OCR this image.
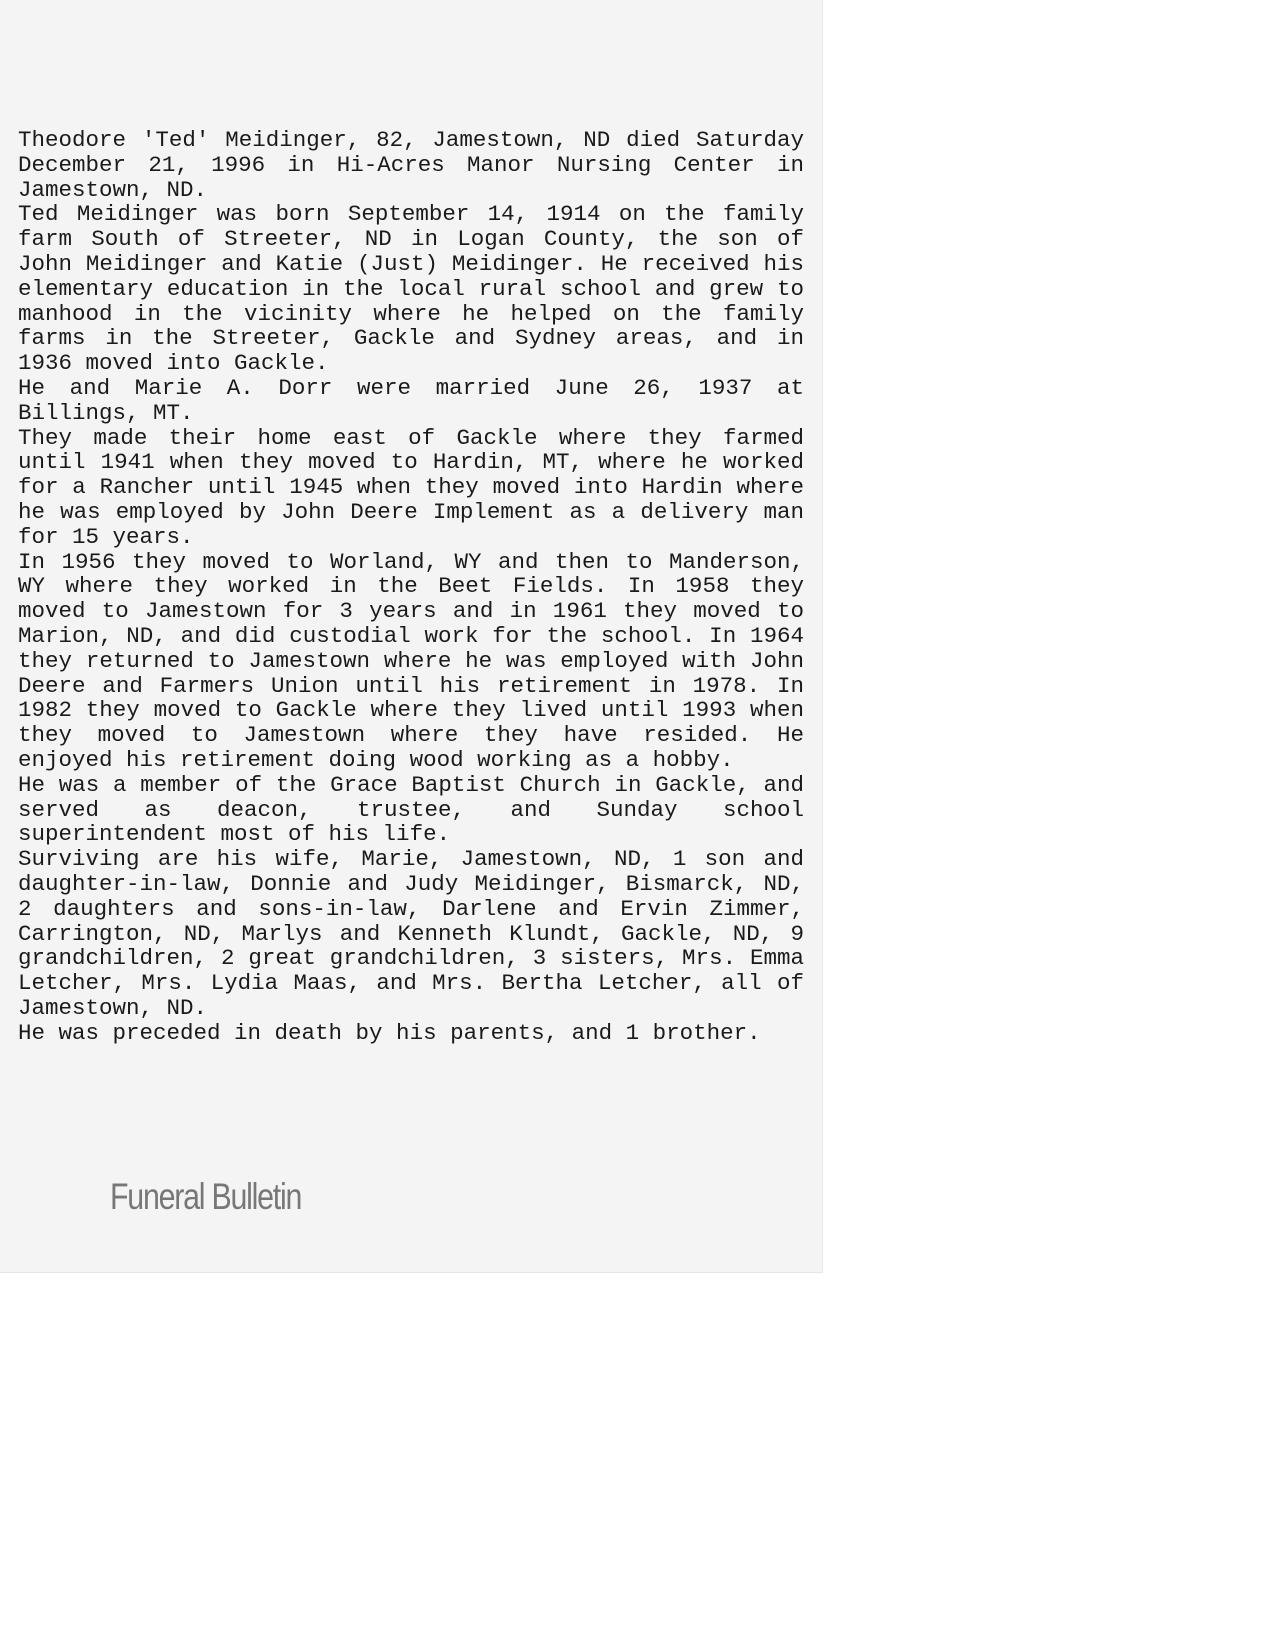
Theodore 'Ted' Meidinger, 82, Jamestown, ND died Saturday December 21, 1996 in Hi-Acres Manor Nursing Center in Jamestown, ND.

Ted Meidinger was born September 14, 1914 on the family farm South of Streeter, ND in Logan County, the son of John Meidinger and Katie (Just) Meidinger. He received his elementary education in the local rural school and grew to manhood in the vicinity where he helped on the family farms in the Streeter, Gackle and Sydney areas, and in 1936 moved into Gackle.

He and Marie A. Dorr were married June 26, 1937 at Billings, MT.

They made their home east of Gackle where they farmed until 1941 when they moved to Hardin, MT, where he worked for a Rancher until 1945 when they moved into Hardin where he was employed by John Deere Implement as a delivery man for 15 years.

In 1956 they moved to Worland, WY and then to Manderson, WY where they worked in the Beet Fields. In 1958 they moved to Jamestown for 3 years and in 1961 they moved to Marion, ND, and did custodial work for the school. In 1964 they returned to Jamestown where he was employed with John Deere and Farmers Union until his retirement in 1978. In 1982 they moved to Gackle where they lived until 1993 when they moved to Jamestown where they have resided. He enjoyed his retirement doing wood working as a hobby.

He was a member of the Grace Baptist Church in Gackle, and served as deacon, trustee, and Sunday school superintendent most of his life.

Surviving are his wife, Marie, Jamestown, ND, 1 son and daughter-in-law, Donnie and Judy Meidinger, Bismarck, ND, 2 daughters and sons-in-law, Darlene and Ervin Zimmer, Carrington, ND, Marlys and Kenneth Klundt, Gackle, ND, 9 grandchildren, 2 great grandchildren, 3 sisters, Mrs. Emma Letcher, Mrs. Lydia Maas, and Mrs. Bertha Letcher, all of Jamestown, ND.

He was preceded in death by his parents, and 1 brother.

Funeral Bulletin
